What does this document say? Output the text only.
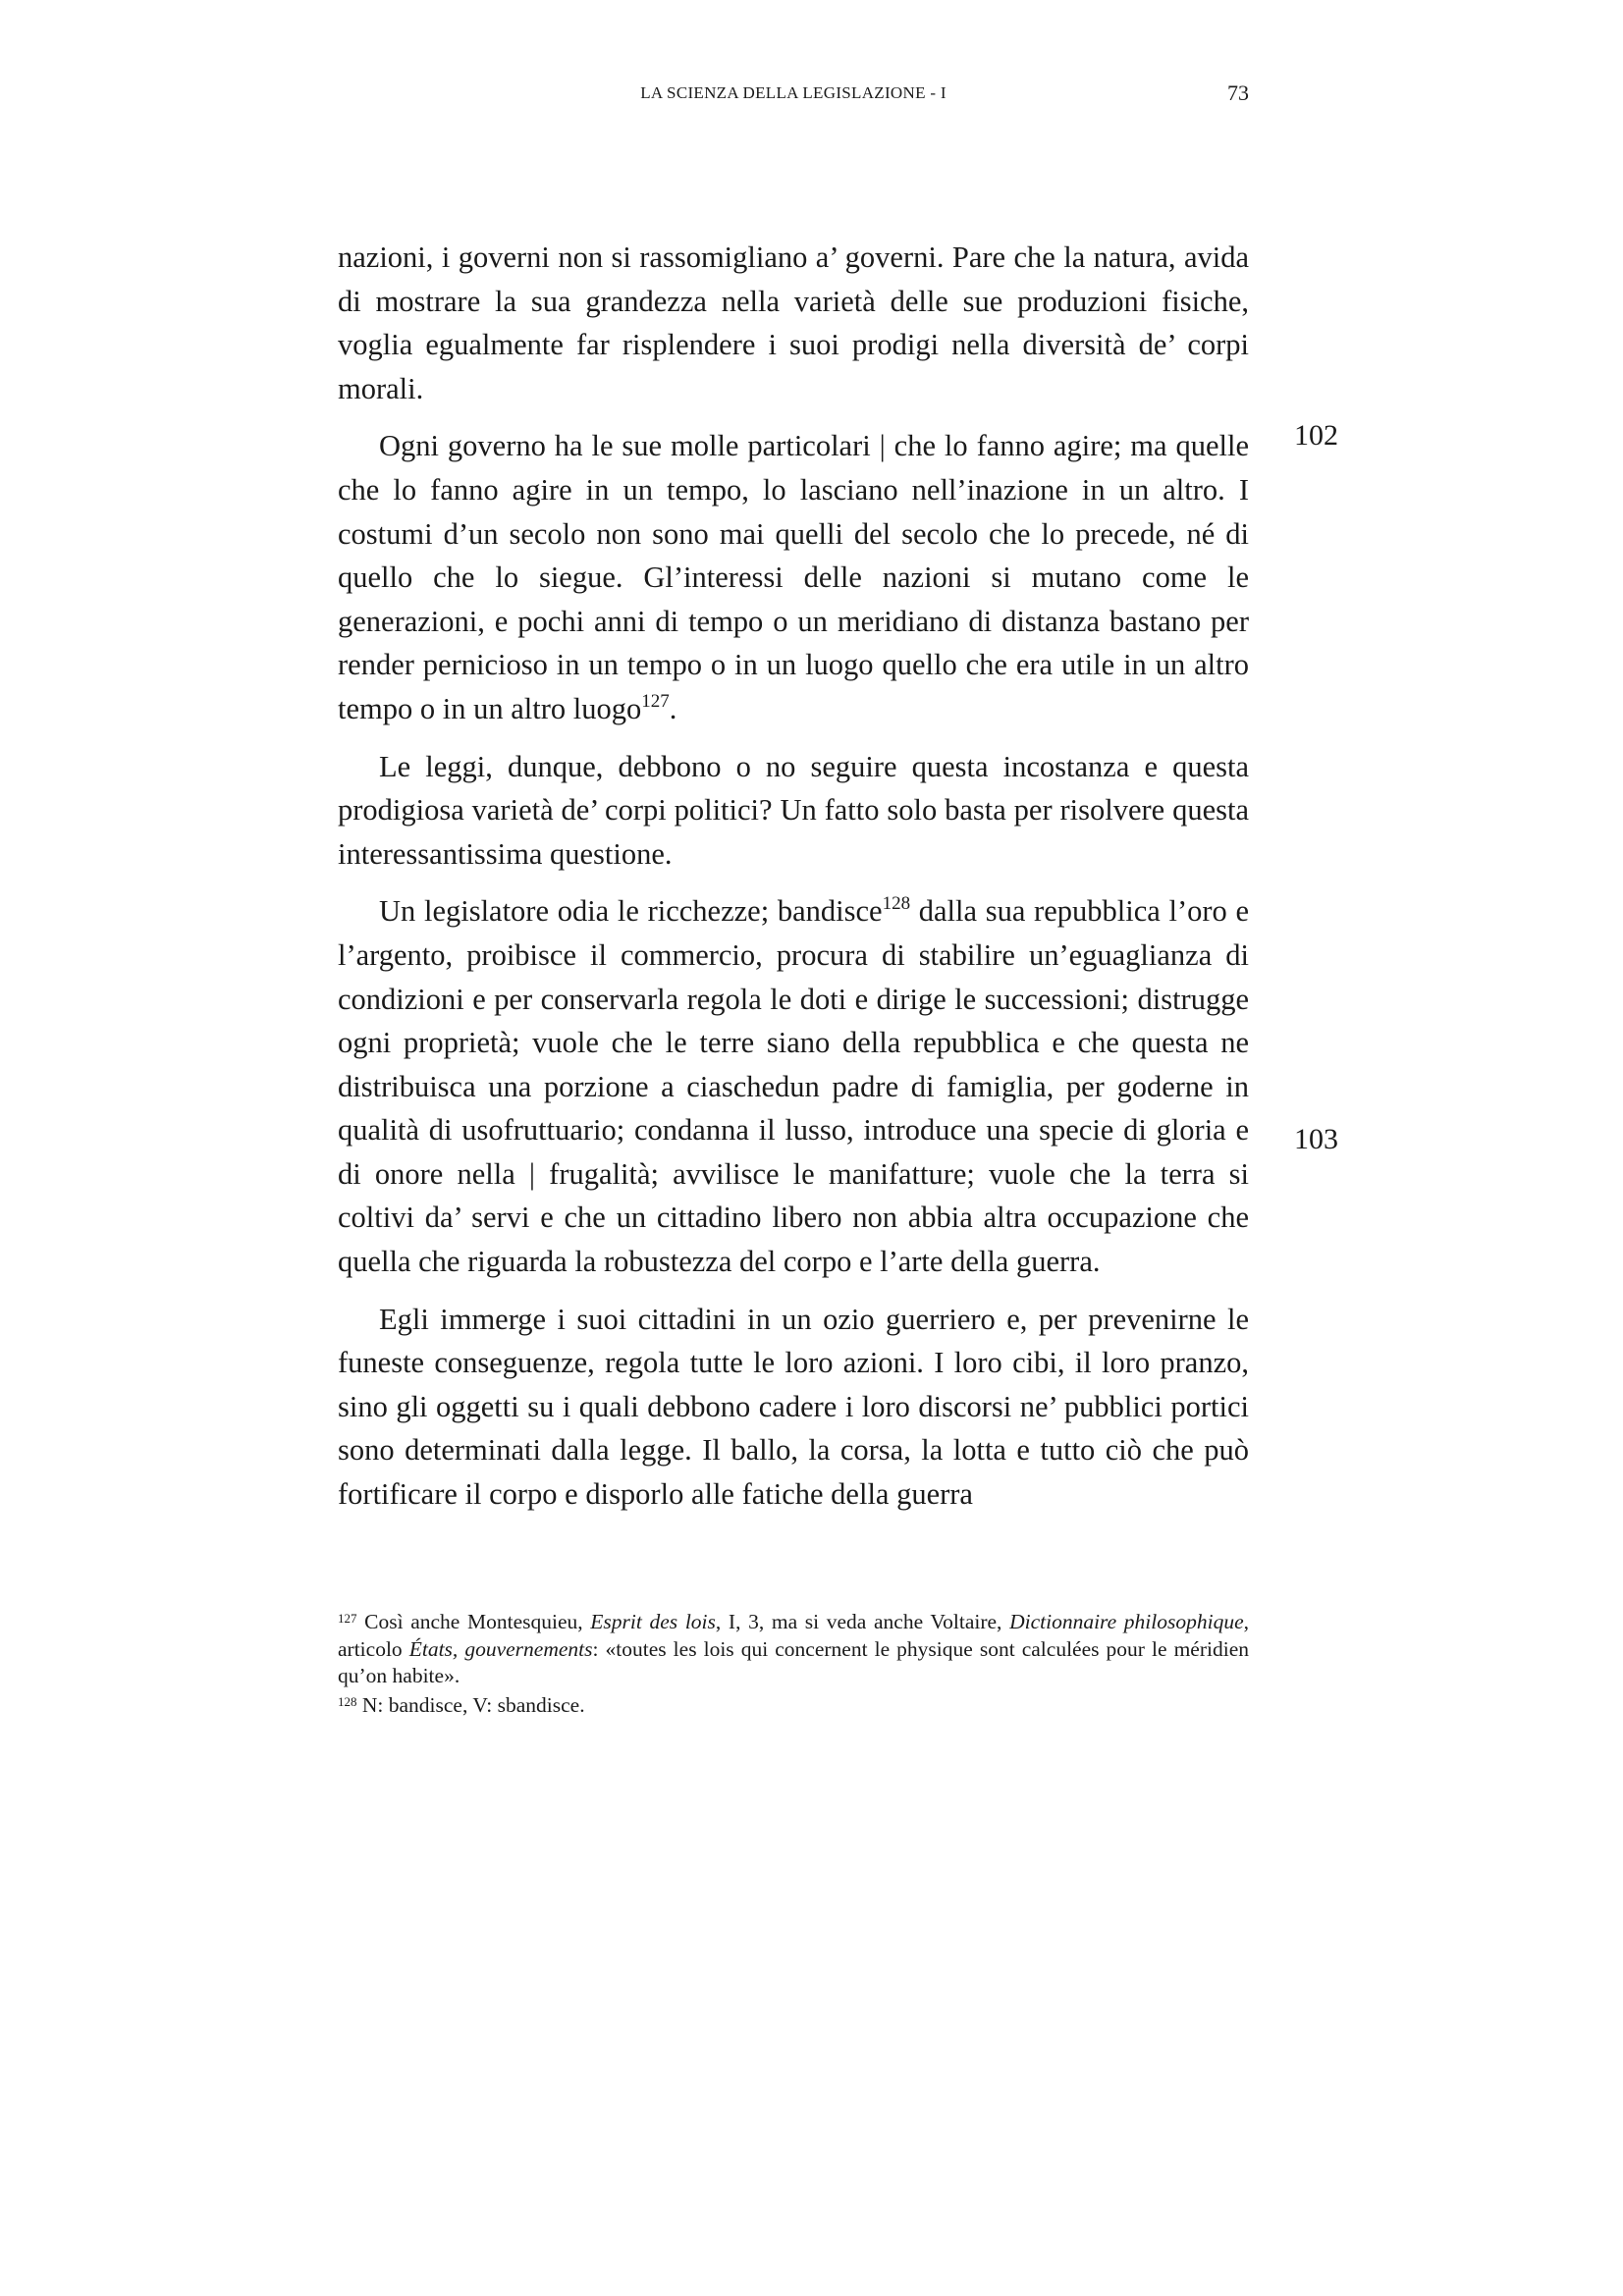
LA SCIENZA DELLA LEGISLAZIONE - I	73
102
103

nazioni, i governi non si rassomigliano a’ governi. Pare che la natura, avida di mostrare la sua grandezza nella varietà delle sue produzioni fisiche, voglia egualmente far risplendere i suoi prodigi nella diversità de’ corpi morali.

Ogni governo ha le sue molle particolari | che lo fanno agire; ma quelle che lo fanno agire in un tempo, lo lasciano nell’inazione in un altro. I costumi d’un secolo non sono mai quelli del secolo che lo precede, né di quello che lo siegue. Gl’interessi delle nazioni si mutano come le generazioni, e pochi anni di tempo o un meridiano di distanza bastano per render pernicioso in un tempo o in un luogo quello che era utile in un altro tempo o in un altro luogo$^{127}$.

Le leggi, dunque, debbono o no seguire questa incostanza e questa prodigiosa varietà de’ corpi politici? Un fatto solo basta per risolvere questa interessantissima questione.

Un legislatore odia le ricchezze; bandisce$^{128}$ dalla sua repubblica l’oro e l’argento, proibisce il commercio, procura di stabilire un’eguaglianza di condizioni e per conservarla regola le doti e dirige le successioni; distrugge ogni proprietà; vuole che le terre siano della repubblica e che questa ne distribuisca una porzione a ciaschedun padre di famiglia, per goderne in qualità di usofruttuario; condanna il lusso, introduce una specie di gloria e di onore nella | frugalità; avvilisce le manifatture; vuole che la terra si coltivi da’ servi e che un cittadino libero non abbia altra occupazione che quella che riguarda la robustezza del corpo e l’arte della guerra.

Egli immerge i suoi cittadini in un ozio guerriero e, per prevenirne le funeste conseguenze, regola tutte le loro azioni. I loro cibi, il loro pranzo, sino gli oggetti su i quali debbono cadere i loro discorsi ne’ pubblici portici sono determinati dalla legge. Il ballo, la corsa, la lotta e tutto ciò che può fortificare il corpo e disporlo alle fatiche della guerra

$^{127}$ Così anche Montesquieu, Esprit des lois, I, 3, ma si veda anche Voltaire, Dictionnaire philosophique, articolo États, gouvernements: «toutes les lois qui concernent le physique sont calculées pour le méridien qu’on habite».

$^{128}$ N: bandisce, V: sbandisce.
